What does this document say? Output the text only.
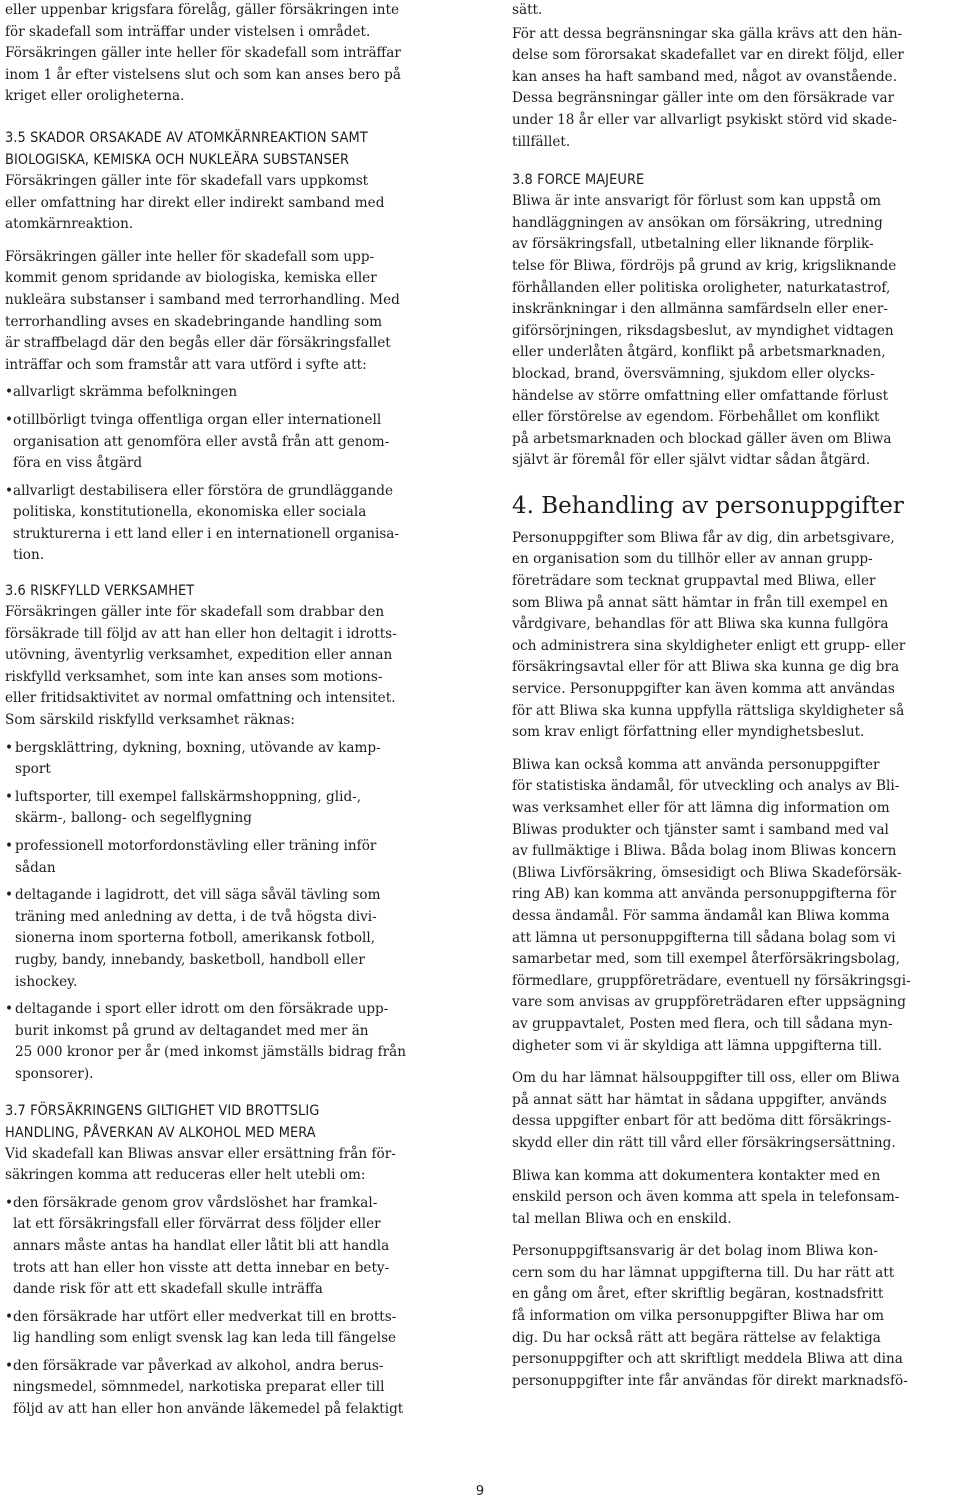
eller uppenbar krigsfara förelåg, gäller försäkringen inte
för skadefall som inträffar under vistelsen i området.
Försäkringen gäller inte heller för skadefall som inträffar
inom 1 år efter vistelsens slut och som kan anses bero på
kriget eller oroligheterna.

3.5 SKADOR ORSAKADE AV ATOMKÄRNREAKTION SAMT
BIOLOGISKA, KEMISKA OCH NUKLEÄRA SUBSTANSER

Försäkringen gäller inte för skadefall vars uppkomst
eller omfattning har direkt eller indirekt samband med
atomkärnreaktion.

Försäkringen gäller inte heller för skadefall som upp-
kommit genom spridande av biologiska, kemiska eller
nukleära substanser i samband med terrorhandling. Med
terrorhandling avses en skadebringande handling som
är straffbelagd där den begås eller där försäkringsfallet
inträffar och som framstår att vara utförd i syfte att:

• allvarligt skrämma befolkningen
• otillbörligt tvinga offentliga organ eller internationell
organisation att genomföra eller avstå från att genom-
föra en viss åtgärd
• allvarligt destabilisera eller förstöra de grundläggande
politiska, konstitutionella, ekonomiska eller sociala
strukturerna i ett land eller i en internationell organisa-
tion.
3.6 RISKFYLLD VERKSAMHET

Försäkringen gäller inte för skadefall som drabbar den
försäkrade till följd av att han eller hon deltagit i idrotts-
utövning, äventyrlig verksamhet, expedition eller annan
riskfylld verksamhet, som inte kan anses som motions-
eller fritidsaktivitet av normal omfattning och intensitet.
Som särskild riskfylld verksamhet räknas:

• bergsklättring, dykning, boxning, utövande av kamp-
sport
• luftsporter, till exempel fallskärmshoppning, glid-,
skärm-, ballong- och segelflygning
• professionell motorfordonstävling eller träning inför
sådan
• deltagande i lagidrott, det vill säga såväl tävling som
träning med anledning av detta, i de två högsta divi-
sionerna inom sporterna fotboll, amerikansk fotboll,
rugby, bandy, innebandy, basketboll, handboll eller
ishockey.
• deltagande i sport eller idrott om den försäkrade upp-
burit inkomst på grund av deltagandet med mer än
25 000 kronor per år (med inkomst jämställs bidrag från
sponsorer).
3.7 FÖRSÄKRINGENS GILTIGHET VID BROTTSLIG
HANDLING, PÅVERKAN AV ALKOHOL MED MERA

Vid skadefall kan Bliwas ansvar eller ersättning från för-
säkringen komma att reduceras eller helt utebli om:

• den försäkrade genom grov vårdslöshet har framkal-
lat ett försäkringsfall eller förvärrat dess följder eller
annars måste antas ha handlat eller låtit bli att handla
trots att han eller hon visste att detta innebar en bety-
dande risk för att ett skadefall skulle inträffa
• den försäkrade har utfört eller medverkat till en brotts-
lig handling som enligt svensk lag kan leda till fängelse
• den försäkrade var påverkad av alkohol, andra berus-
ningsmedel, sömnmedel, narkotiska preparat eller till
följd av att han eller hon använde läkemedel på felaktigt

sätt.

För att dessa begränsningar ska gälla krävs att den hän-
delse som förorsakat skadefallet var en direkt följd, eller
kan anses ha haft samband med, något av ovanstående.
Dessa begränsningar gäller inte om den försäkrade var
under 18 år eller var allvarligt psykiskt störd vid skade-
tillfället.

3.8 FORCE MAJEURE

Bliwa är inte ansvarigt för förlust som kan uppstå om
handläggningen av ansökan om försäkring, utredning
av försäkringsfall, utbetalning eller liknande förplik-
telse för Bliwa, fördröjs på grund av krig, krigsliknande
förhållanden eller politiska oroligheter, naturkatastrof,
inskränkningar i den allmänna samfärdseln eller ener-
giförsörjningen, riksdagsbeslut, av myndighet vidtagen
eller underlåten åtgärd, konflikt på arbetsmarknaden,
blockad, brand, översvämning, sjukdom eller olycks-
händelse av större omfattning eller omfattande förlust
eller förstörelse av egendom. Förbehållet om konflikt
på arbetsmarknaden och blockad gäller även om Bliwa
självt är föremål för eller självt vidtar sådan åtgärd.

4. Behandling av personuppgifter

Personuppgifter som Bliwa får av dig, din arbetsgivare,
en organisation som du tillhör eller av annan grupp-
företrädare som tecknat gruppavtal med Bliwa, eller
som Bliwa på annat sätt hämtar in från till exempel en
vårdgivare, behandlas för att Bliwa ska kunna fullgöra
och administrera sina skyldigheter enligt ett grupp- eller
försäkringsavtal eller för att Bliwa ska kunna ge dig bra
service. Personuppgifter kan även komma att användas
för att Bliwa ska kunna uppfylla rättsliga skyldigheter så
som krav enligt författning eller myndighetsbeslut.

Bliwa kan också komma att använda personuppgifter
för statistiska ändamål, för utveckling och analys av Bli-
was verksamhet eller för att lämna dig information om
Bliwas produkter och tjänster samt i samband med val
av fullmäktige i Bliwa. Båda bolag inom Bliwas koncern
(Bliwa Livförsäkring, ömsesidigt och Bliwa Skadeförsäk-
ring AB) kan komma att använda personuppgifterna för
dessa ändamål. För samma ändamål kan Bliwa komma
att lämna ut personuppgifterna till sådana bolag som vi
samarbetar med, som till exempel återförsäkringsbolag,
förmedlare, gruppföreträdare, eventuell ny försäkringsgi-
vare som anvisas av gruppföreträdaren efter uppsägning
av gruppavtalet, Posten med flera, och till sådana myn-
digheter som vi är skyldiga att lämna uppgifterna till.

Om du har lämnat hälsouppgifter till oss, eller om Bliwa
på annat sätt har hämtat in sådana uppgifter, används
dessa uppgifter enbart för att bedöma ditt försäkrings-
skydd eller din rätt till vård eller försäkringsersättning.

Bliwa kan komma att dokumentera kontakter med en
enskild person och även komma att spela in telefonsam-
tal mellan Bliwa och en enskild.

Personuppgiftsansvarig är det bolag inom Bliwa kon-
cern som du har lämnat uppgifterna till. Du har rätt att
en gång om året, efter skriftlig begäran, kostnadsfritt
få information om vilka personuppgifter Bliwa har om
dig. Du har också rätt att begära rättelse av felaktiga
personuppgifter och att skriftligt meddela Bliwa att dina
personuppgifter inte får användas för direkt marknadsfö-

9
